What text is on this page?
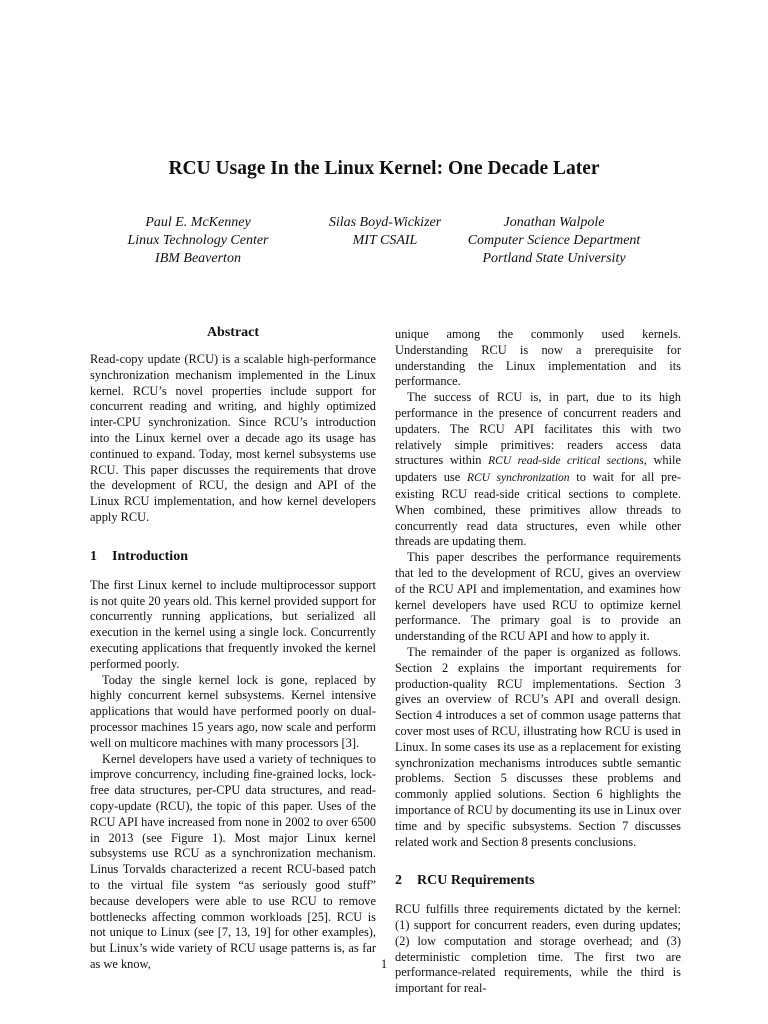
RCU Usage In the Linux Kernel: One Decade Later
Paul E. McKenney
Linux Technology Center
IBM Beaverton
Silas Boyd-Wickizer
MIT CSAIL
Jonathan Walpole
Computer Science Department
Portland State University
Abstract

Read-copy update (RCU) is a scalable high-performance synchronization mechanism implemented in the Linux kernel. RCU’s novel properties include support for concurrent reading and writing, and highly optimized inter-CPU synchronization. Since RCU’s introduction into the Linux kernel over a decade ago its usage has continued to expand. Today, most kernel subsystems use RCU. This paper discusses the requirements that drove the development of RCU, the design and API of the Linux RCU implementation, and how kernel developers apply RCU.

1 Introduction

The first Linux kernel to include multiprocessor support is not quite 20 years old. This kernel provided support for concurrently running applications, but serialized all execution in the kernel using a single lock. Concurrently executing applications that frequently invoked the kernel performed poorly.

Today the single kernel lock is gone, replaced by highly concurrent kernel subsystems. Kernel intensive applications that would have performed poorly on dual-processor machines 15 years ago, now scale and perform well on multicore machines with many processors [3].

Kernel developers have used a variety of techniques to improve concurrency, including fine-grained locks, lock-free data structures, per-CPU data structures, and read-copy-update (RCU), the topic of this paper. Uses of the RCU API have increased from none in 2002 to over 6500 in 2013 (see Figure 1). Most major Linux kernel subsystems use RCU as a synchronization mechanism. Linus Torvalds characterized a recent RCU-based patch to the virtual file system “as seriously good stuff” because developers were able to use RCU to remove bottlenecks affecting common workloads [25]. RCU is not unique to Linux (see [7, 13, 19] for other examples), but Linux’s wide variety of RCU usage patterns is, as far as we know,

unique among the commonly used kernels. Understanding RCU is now a prerequisite for understanding the Linux implementation and its performance.

The success of RCU is, in part, due to its high performance in the presence of concurrent readers and updaters. The RCU API facilitates this with two relatively simple primitives: readers access data structures within RCU read-side critical sections, while updaters use RCU synchronization to wait for all pre-existing RCU read-side critical sections to complete. When combined, these primitives allow threads to concurrently read data structures, even while other threads are updating them.

This paper describes the performance requirements that led to the development of RCU, gives an overview of the RCU API and implementation, and examines how kernel developers have used RCU to optimize kernel performance. The primary goal is to provide an understanding of the RCU API and how to apply it.

The remainder of the paper is organized as follows. Section 2 explains the important requirements for production-quality RCU implementations. Section 3 gives an overview of RCU’s API and overall design. Section 4 introduces a set of common usage patterns that cover most uses of RCU, illustrating how RCU is used in Linux. In some cases its use as a replacement for existing synchronization mechanisms introduces subtle semantic problems. Section 5 discusses these problems and commonly applied solutions. Section 6 highlights the importance of RCU by documenting its use in Linux over time and by specific subsystems. Section 7 discusses related work and Section 8 presents conclusions.

2 RCU Requirements

RCU fulfills three requirements dictated by the kernel: (1) support for concurrent readers, even during updates; (2) low computation and storage overhead; and (3) deterministic completion time. The first two are performance-related requirements, while the third is important for real-

1
